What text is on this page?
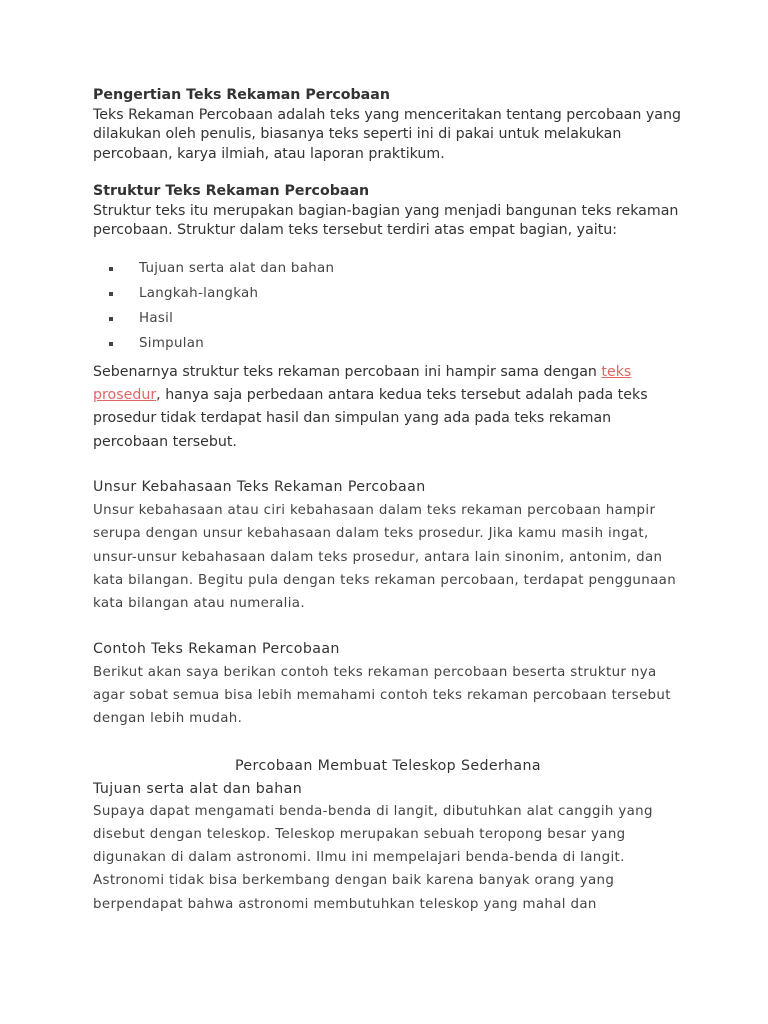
Pengertian Teks Rekaman Percobaan

Teks Rekaman Percobaan adalah teks yang menceritakan tentang percobaan yang dilakukan oleh penulis, biasanya teks seperti ini di pakai untuk melakukan percobaan, karya ilmiah, atau laporan praktikum.

Struktur Teks Rekaman Percobaan

Struktur teks itu merupakan bagian-bagian yang menjadi bangunan teks rekaman percobaan. Struktur dalam teks tersebut terdiri atas empat bagian, yaitu:

Tujuan serta alat dan bahan
Langkah-langkah
Hasil
Simpulan

Sebenarnya struktur teks rekaman percobaan ini hampir sama dengan teks prosedur, hanya saja perbedaan antara kedua teks tersebut adalah pada teks prosedur tidak terdapat hasil dan simpulan yang ada pada teks rekaman percobaan tersebut.

Unsur Kebahasaan Teks Rekaman Percobaan
Unsur kebahasaan atau ciri kebahasaan dalam teks rekaman percobaan hampir serupa dengan unsur kebahasaan dalam teks prosedur. Jika kamu masih ingat, unsur-unsur kebahasaan dalam teks prosedur, antara lain sinonim, antonim, dan kata bilangan. Begitu pula dengan teks rekaman percobaan, terdapat penggunaan kata bilangan atau numeralia.
Contoh Teks Rekaman Percobaan
Berikut akan saya berikan contoh teks rekaman percobaan beserta struktur nya agar sobat semua bisa lebih memahami contoh teks rekaman percobaan tersebut dengan lebih mudah.
Percobaan Membuat Teleskop Sederhana
Tujuan serta alat dan bahan
Supaya dapat mengamati benda-benda di langit, dibutuhkan alat canggih yang disebut dengan teleskop. Teleskop merupakan sebuah teropong besar yang digunakan di dalam astronomi. Ilmu ini mempelajari benda-benda di langit. Astronomi tidak bisa berkembang dengan baik karena banyak orang yang berpendapat bahwa astronomi membutuhkan teleskop yang mahal dan
